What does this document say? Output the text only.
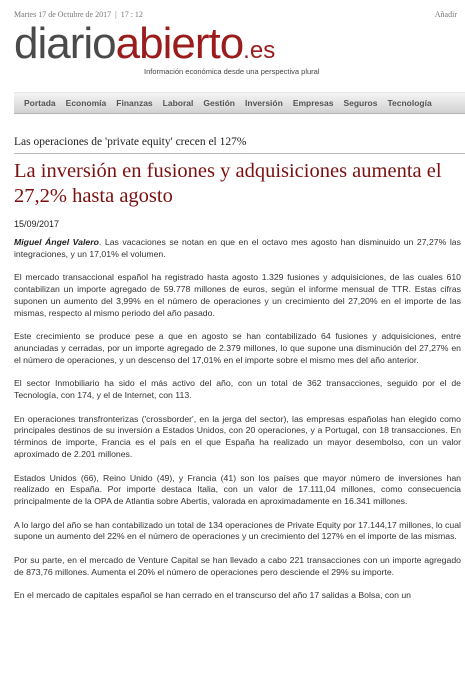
Martes 17 de Octubre de 2017 | 17 : 12	Añadir
diarioabierto.es
Información económica desde una perspectiva plural
Portada	Economía	Finanzas	Laboral	Gestión	Inversión	Empresas	Seguros	Tecnología
Las operaciones de 'private equity' crecen el 127%
La inversión en fusiones y adquisiciones aumenta el 27,2% hasta agosto
15/09/2017

Miguel Ángel Valero. Las vacaciones se notan en que en el octavo mes agosto han disminuido un 27,27% las integraciones, y un 17,01% el volumen.

El mercado transaccional español ha registrado hasta agosto 1.329 fusiones y adquisiciones, de las cuales 610 contabilizan un importe agregado de 59.778 millones de euros, según el informe mensual de TTR. Estas cifras suponen un aumento del 3,99% en el número de operaciones y un crecimiento del 27,20% en el importe de las mismas, respecto al mismo periodo del año pasado.

Este crecimiento se produce pese a que en agosto se han contabilizado 64 fusiones y adquisiciones, entre anunciadas y cerradas, por un importe agregado de 2.379 millones, lo que supone una disminución del 27,27% en el número de operaciones, y un descenso del 17,01% en el importe sobre el mismo mes del año anterior.

El sector Inmobiliario ha sido el más activo del año, con un total de 362 transacciones, seguido por el de Tecnología, con 174, y el de Internet, con 113.

En operaciones transfronterizas ('crossborder', en la jerga del sector), las empresas españolas han elegido como principales destinos de su inversión a Estados Unidos, con 20 operaciones, y a Portugal, con 18 transacciones. En términos de importe, Francia es el país en el que España ha realizado un mayor desembolso, con un valor aproximado de 2.201 millones.

Estados Unidos (66), Reino Unido (49), y Francia (41) son los países que mayor número de inversiones han realizado en España. Por importe destaca Italia, con un valor de 17.111,04 millones, como consecuencia principalmente de la OPA de Atlantia sobre Abertis, valorada en aproximadamente en 16.341 millones.

A lo largo del año se han contabilizado un total de 134 operaciones de Private Equity por 17.144,17 millones, lo cual supone un aumento del 22% en el número de operaciones y un crecimiento del 127% en el importe de las mismas.

Por su parte, en el mercado de Venture Capital se han llevado a cabo 221 transacciones con un importe agregado de 873,76 millones. Aumenta el 20% el número de operaciones pero desciende el 29% su importe.

En el mercado de capitales español se han cerrado en el transcurso del año 17 salidas a Bolsa, con un
